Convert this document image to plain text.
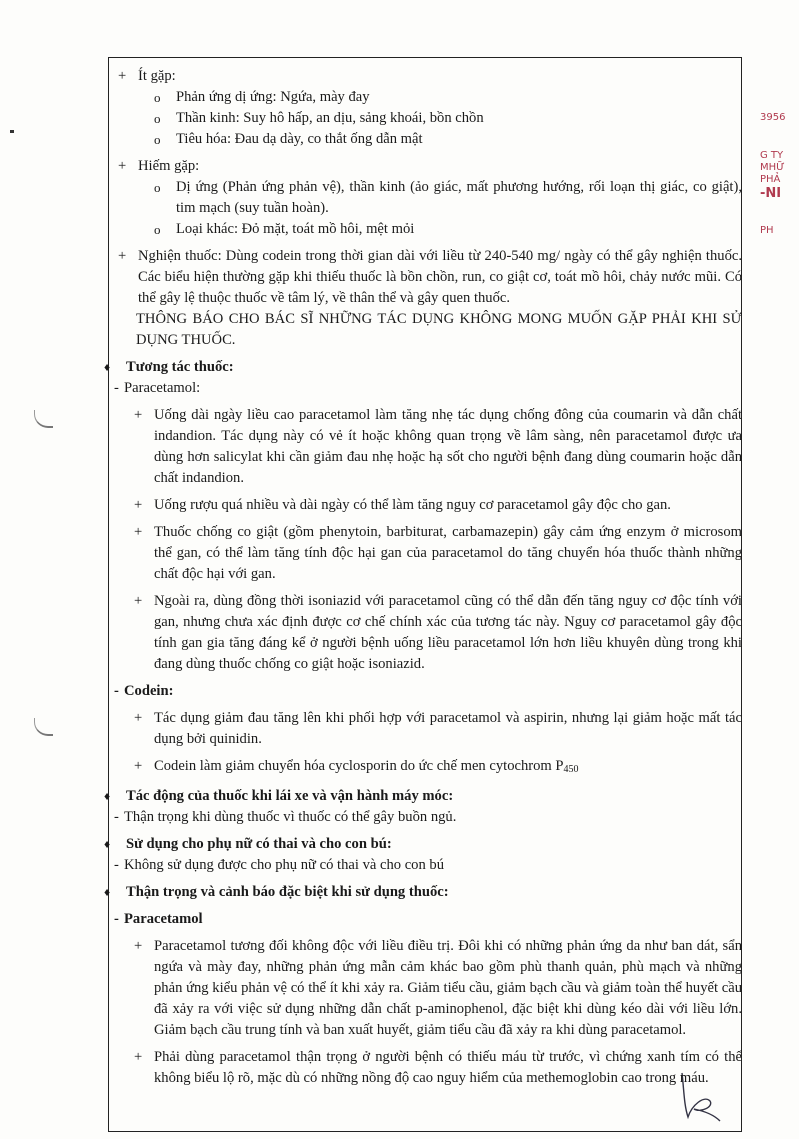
3956
G TY
MHỮ
PHẢ
-NI
PH
+ Ít gặp:
o Phản ứng dị ứng: Ngứa, mày đay
o Thần kinh: Suy hô hấp, an dịu, sảng khoái, bồn chồn
o Tiêu hóa: Đau dạ dày, co thắt ống dẫn mật
+ Hiếm gặp:
o Dị ứng (Phản ứng phản vệ), thần kinh (ảo giác, mất phương hướng, rối loạn thị giác, co giật), tim mạch (suy tuần hoàn).
o Loại khác: Đỏ mặt, toát mồ hôi, mệt mỏi
+ Nghiện thuốc: Dùng codein trong thời gian dài với liều từ 240-540 mg/ ngày có thể gây nghiện thuốc. Các biểu hiện thường gặp khi thiếu thuốc là bồn chồn, run, co giật cơ, toát mồ hôi, chảy nước mũi. Có thể gây lệ thuộc thuốc về tâm lý, về thân thể và gây quen thuốc.
THÔNG BÁO CHO BÁC SĨ NHỮNG TÁC DỤNG KHÔNG MONG MUỐN GẶP PHẢI KHI SỬ DỤNG THUỐC.
♦ Tương tác thuốc:
- Paracetamol:
+ Uống dài ngày liều cao paracetamol làm tăng nhẹ tác dụng chống đông của coumarin và dẫn chất indandion. Tác dụng này có vẻ ít hoặc không quan trọng về lâm sàng, nên paracetamol được ưa dùng hơn salicylat khi cần giảm đau nhẹ hoặc hạ sốt cho người bệnh đang dùng coumarin hoặc dẫn chất indandion.
+ Uống rượu quá nhiều và dài ngày có thể làm tăng nguy cơ paracetamol gây độc cho gan.
+ Thuốc chống co giật (gồm phenytoin, barbiturat, carbamazepin) gây cảm ứng enzym ở microsom thể gan, có thể làm tăng tính độc hại gan của paracetamol do tăng chuyển hóa thuốc thành những chất độc hại với gan.
+ Ngoài ra, dùng đồng thời isoniazid với paracetamol cũng có thể dẫn đến tăng nguy cơ độc tính với gan, nhưng chưa xác định được cơ chế chính xác của tương tác này. Nguy cơ paracetamol gây độc tính gan gia tăng đáng kể ở người bệnh uống liều paracetamol lớn hơn liều khuyên dùng trong khi đang dùng thuốc chống co giật hoặc isoniazid.
- Codein:
+ Tác dụng giảm đau tăng lên khi phối hợp với paracetamol và aspirin, nhưng lại giảm hoặc mất tác dụng bởi quinidin.
+ Codein làm giảm chuyển hóa cyclosporin do ức chế men cytochrom $P_{450}$
♦ Tác động của thuốc khi lái xe và vận hành máy móc:
- Thận trọng khi dùng thuốc vì thuốc có thể gây buồn ngủ.
♦ Sử dụng cho phụ nữ có thai và cho con bú:
- Không sử dụng được cho phụ nữ có thai và cho con bú
♦ Thận trọng và cảnh báo đặc biệt khi sử dụng thuốc:
- Paracetamol
+ Paracetamol tương đối không độc với liều điều trị. Đôi khi có những phản ứng da như ban dát, sẩn ngứa và mày đay, những phản ứng mẫn cảm khác bao gồm phù thanh quản, phù mạch và những phản ứng kiểu phản vệ có thể ít khi xảy ra. Giảm tiểu cầu, giảm bạch cầu và giảm toàn thể huyết cầu đã xảy ra với việc sử dụng những dẫn chất p-aminophenol, đặc biệt khi dùng kéo dài với liều lớn. Giảm bạch cầu trung tính và ban xuất huyết, giảm tiểu cầu đã xảy ra khi dùng paracetamol.
+ Phải dùng paracetamol thận trọng ở người bệnh có thiếu máu từ trước, vì chứng xanh tím có thể không biểu lộ rõ, mặc dù có những nồng độ cao nguy hiểm của methemoglobin cao trong máu.
